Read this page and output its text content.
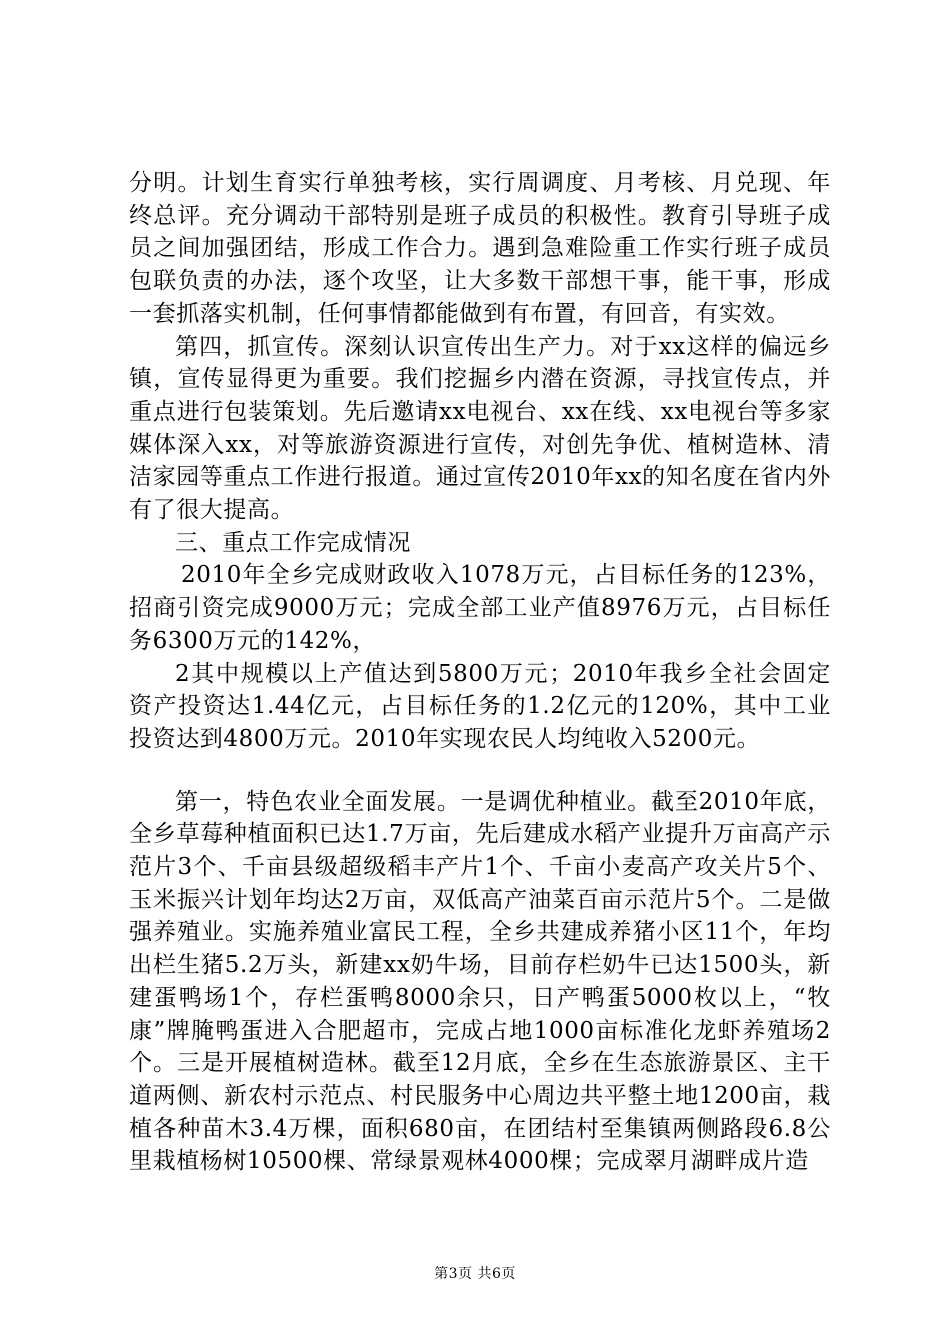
分明。计划生育实行单独考核，实行周调度、月考核、月兑现、年终总评。充分调动干部特别是班子成员的积极性。教育引导班子成员之间加强团结，形成工作合力。遇到急难险重工作实行班子成员包联负责的办法，逐个攻坚，让大多数干部想干事，能干事，形成一套抓落实机制，任何事情都能做到有布置，有回音，有实效。

第四，抓宣传。深刻认识宣传出生产力。对于xx这样的偏远乡镇，宣传显得更为重要。我们挖掘乡内潜在资源，寻找宣传点，并重点进行包装策划。先后邀请xx电视台、xx在线、xx电视台等多家媒体深入xx，对等旅游资源进行宣传，对创先争优、植树造林、清洁家园等重点工作进行报道。通过宣传2010年xx的知名度在省内外有了很大提高。

三、重点工作完成情况

2010年全乡完成财政收入1078万元，占目标任务的123%，招商引资完成9000万元；完成全部工业产值8976万元，占目标任务6300万元的142%，

2其中规模以上产值达到5800万元；2010年我乡全社会固定资产投资达1.44亿元，占目标任务的1.2亿元的120%，其中工业投资达到4800万元。2010年实现农民人均纯收入5200元。

第一，特色农业全面发展。一是调优种植业。截至2010年底，全乡草莓种植面积已达1.7万亩，先后建成水稻产业提升万亩高产示范片3个、千亩县级超级稻丰产片1个、千亩小麦高产攻关片5个、玉米振兴计划年均达2万亩，双低高产油菜百亩示范片5个。二是做强养殖业。实施养殖业富民工程，全乡共建成养猪小区11个，年均出栏生猪5.2万头，新建xx奶牛场，目前存栏奶牛已达1500头，新建蛋鸭场1个，存栏蛋鸭8000余只，日产鸭蛋5000枚以上，“牧康”牌腌鸭蛋进入合肥超市，完成占地1000亩标准化龙虾养殖场2个。三是开展植树造林。截至12月底，全乡在生态旅游景区、主干道两侧、新农村示范点、村民服务中心周边共平整土地1200亩，栽植各种苗木3.4万棵，面积680亩，在团结村至集镇两侧路段6.8公里栽植杨树10500棵、常绿景观林4000棵；完成翠月湖畔成片造

第3页 共6页
